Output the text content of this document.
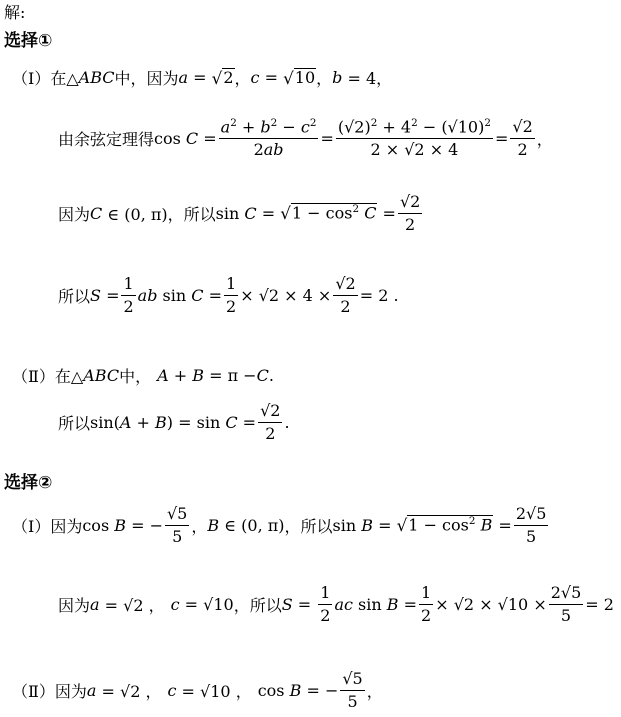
解:
选择①
（Ⅰ） 在△ ABC 中，因为 a = √ 2 ， c = √ 10 ， b = 4，
由余弦定理得 $\cos C = \frac{a^2 + b^2 - c^2}{2ab} = \frac{(√2)^2 + 4^2 - (√10)^2}{2 \times √2 \times 4} = \frac{√2}{2}$ ，
因为 C ∈ (0, π)， 所以 sin C = √ $1 - \cos^2 C = \frac{√2}{2}$
所以 $S = \frac{1}{2}$ ab $\sin C = \frac{1}{2} \times √2 \times 4 \times \frac{√2}{2} = 2$ .
（Ⅱ） 在△ ABC 中， A + B = π − C .
所以 sin( A + B ) = $\sin C = \frac{√2}{2}$ .
选择②
（Ⅰ） 因为 cos B = − $\frac{√5}{5}$ ， B ∈ (0, π) ，所以 sin B = √ $1 - \cos^2 B = \frac{2√5}{5}$
因为 a = √2 ， c = √10 ，所以 $S = \frac{1}{2}$ ac $\sin B = \frac{1}{2} \times √2 \times √10 \times \frac{2√5}{5} = 2$
（Ⅱ） 因为 a = √2 ， c = √10 ， cos B = − $\frac{√5}{5}$ ，
